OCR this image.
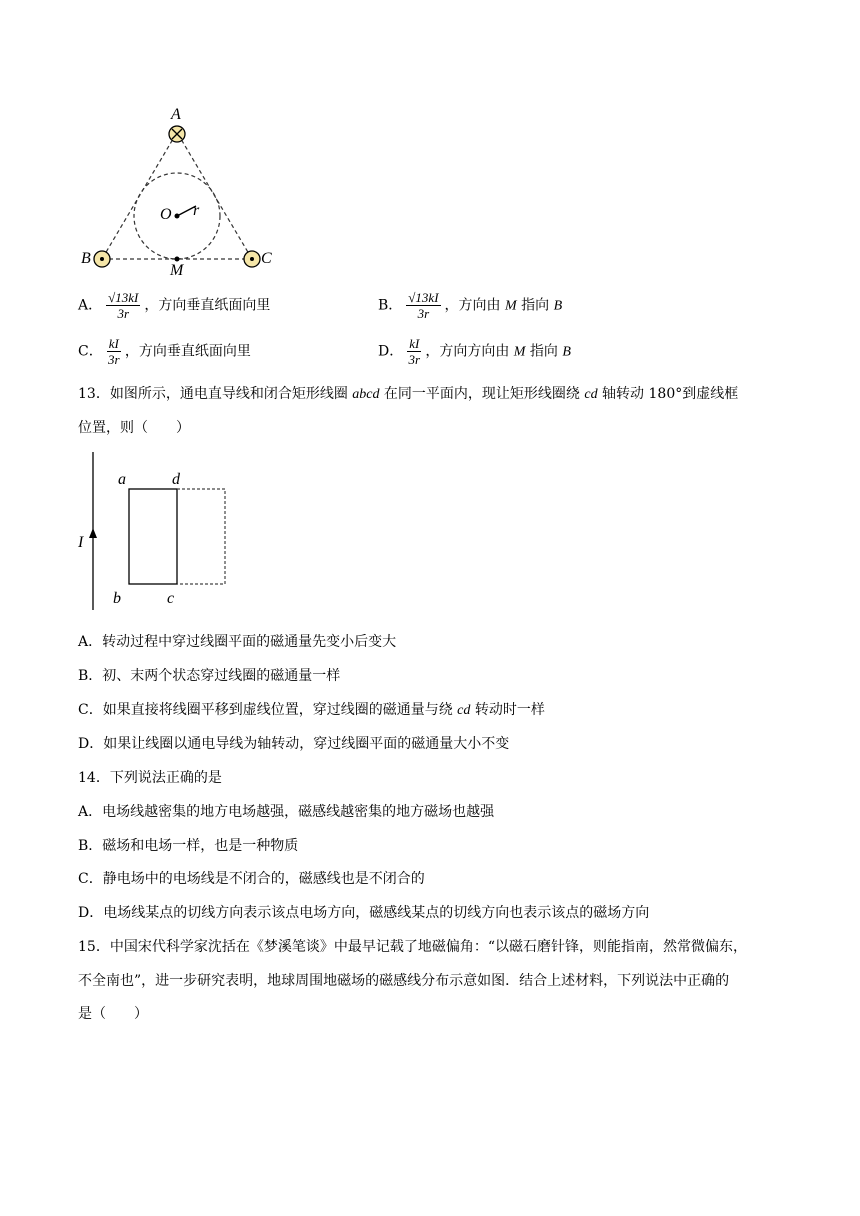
A
B	C
O r
M
A． $\frac{√13kI}{3r}$ ，方向垂直纸面向里	B． $\frac{√13kI}{3r}$ ，方向由 M 指向 B
C． $\frac{kI}{3r}$ ，方向垂直纸面向里	D． $\frac{kI}{3r}$ ，方向方向由 M 指向 B
13．如图所示，通电直导线和闭合矩形线圈 abcd 在同一平面内，现让矩形线圈绕 cd 轴转动 180°到虚线框
位置，则（　　）
I
a	d
b	c
A．转动过程中穿过线圈平面的磁通量先变小后变大
B．初、末两个状态穿过线圈的磁通量一样
C．如果直接将线圈平移到虚线位置，穿过线圈的磁通量与绕 cd 转动时一样
D．如果让线圈以通电导线为轴转动，穿过线圈平面的磁通量大小不变
14．下列说法正确的是
A．电场线越密集的地方电场越强，磁感线越密集的地方磁场也越强
B．磁场和电场一样，也是一种物质
C．静电场中的电场线是不闭合的，磁感线也是不闭合的
D．电场线某点的切线方向表示该点电场方向，磁感线某点的切线方向也表示该点的磁场方向
15．中国宋代科学家沈括在《梦溪笔谈》中最早记载了地磁偏角：“以磁石磨针锋，则能指南，然常微偏东，
不全南也”，进一步研究表明，地球周围地磁场的磁感线分布示意如图．结合上述材料，下列说法中正确的
是（　　）
